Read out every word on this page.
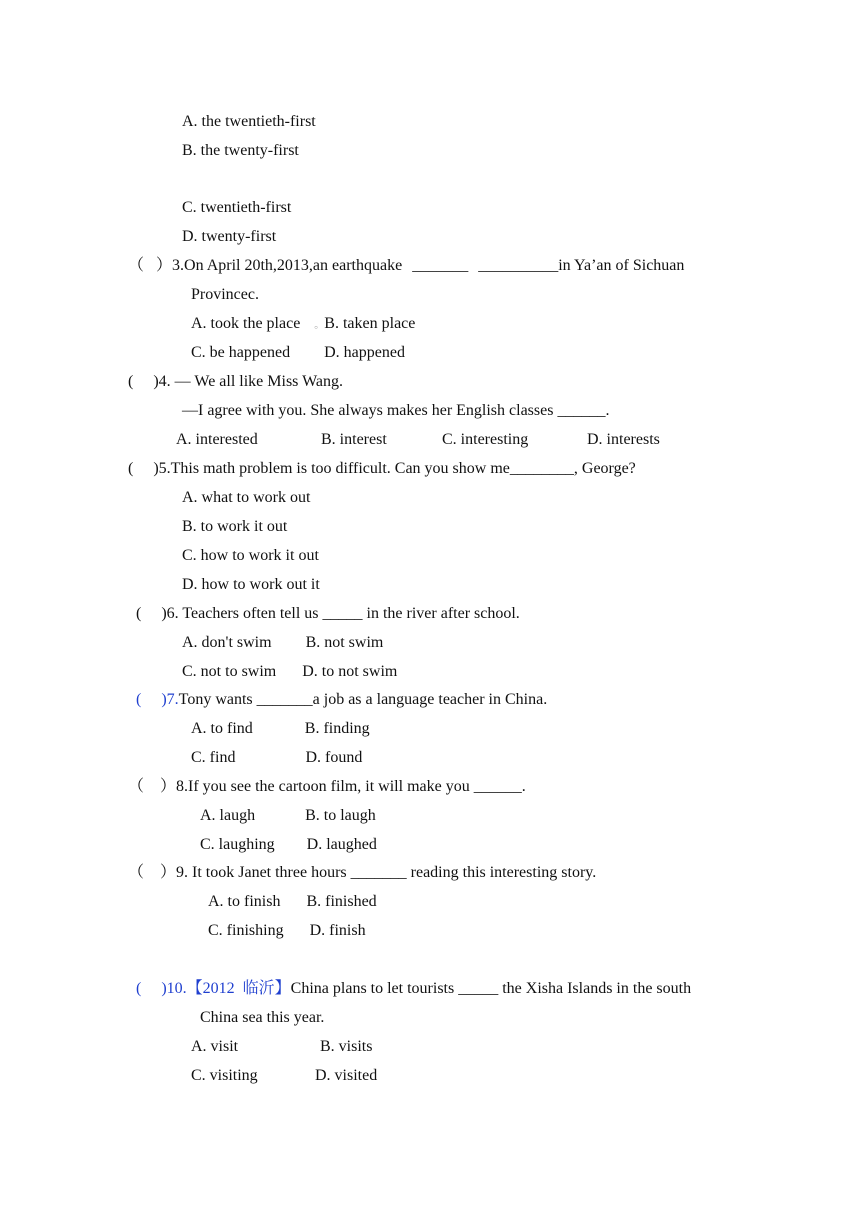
A. the twentieth-first
B. the twenty-first
C. twentieth-first
D. twenty-first
（   ）3.On April 20th,2013,an earthquake _______ __________in Ya’an of Sichuan
Provincec.
A. took the place 。B. taken place
C. be happened D. happened
(     )4. — We all like Miss Wang.
—I agree with you. She always makes her English classes ______.
A. interested	B. interest	C. interesting	D. interests
(     )5.This math problem is too difficult. Can you show me________, George?
A. what to work out
B. to work it out
C. how to work it out
D. how to work out it
(     )6. Teachers often tell us _____ in the river after school.
A. don't swim B. not swim
C. not to swim D. to not swim
(     )7.Tony wants _______a job as a language teacher in China.
A. to find	B. finding
C. find	D. found
（    ）8.If you see the cartoon film, it will make you ______.
A. laugh	B. to laugh
C. laughing D. laughed
（    ）9. It took Janet three hours _______ reading this interesting story.
A. to finish B. finished
C. finishing D. finish
(     )10.【2012  临沂】China plans to let tourists _____ the Xisha Islands in the south
China sea this year.
A. visit	B. visits
C. visiting	D. visited
